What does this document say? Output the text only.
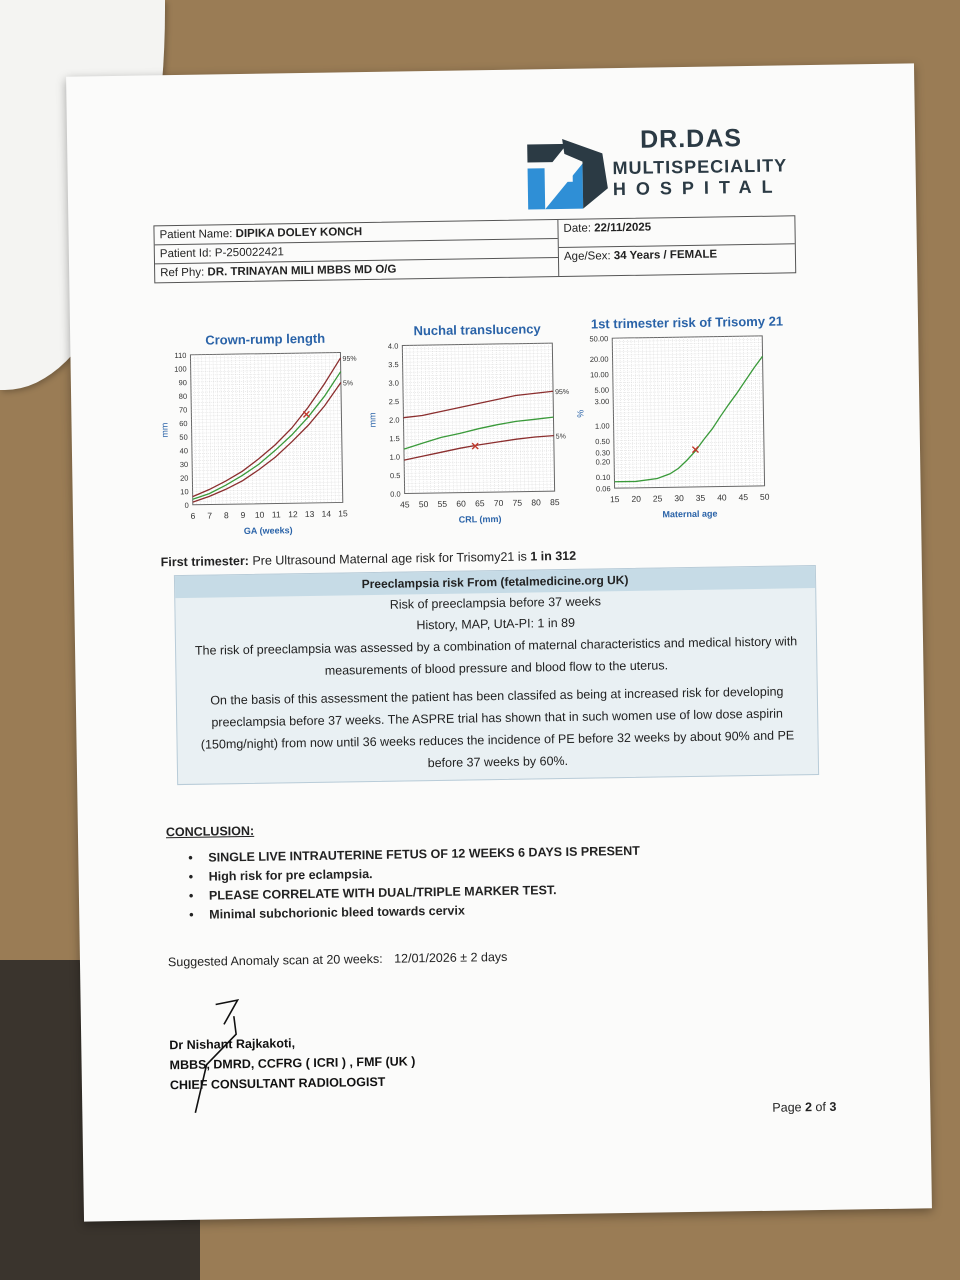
DR.DAS
MULTISPECIALITY
HOSPITAL
Patient Name: DIPIKA DOLEY KONCH
Patient Id: P-250022421
Ref Phy: DR. TRINAYAN MILI MBBS MD O/G
Date: 22/11/2025
Age/Sex: 34 Years / FEMALE
Crown-rump length
6 7 8 9 10 11 12 13 14 15
0
10
20
30
40
50
60
70
80
90
100
110
GA (weeks)
mm
95%
5%
Nuchal translucency
45 50 55 60 65 70 75 80 85
0.0
0.5
1.0
1.5
2.0
2.5
3.0
3.5
4.0
CRL (mm)
mm
95%
5%
1st trimester risk of Trisomy 21
15 20 25 30 35 40 45 50
0.06
0.10
0.20
0.30
0.50
1.00
3.00
5.00
10.00
20.00
50.00
Maternal age
%
First trimester: Pre Ultrasound Maternal age risk for Trisomy21 is 1 in 312
Preeclampsia risk From (fetalmedicine.org UK)
Risk of preeclampsia before 37 weeks
History, MAP, UtA-PI: 1 in 89
The risk of preeclampsia was assessed by a combination of maternal characteristics and medical history with measurements of blood pressure and blood flow to the uterus.
On the basis of this assessment the patient has been classifed as being at increased risk for developing preeclampsia before 37 weeks. The ASPRE trial has shown that in such women use of low dose aspirin (150mg/night) from now until 36 weeks reduces the incidence of PE before 32 weeks by about 90% and PE before 37 weeks by 60%.
CONCLUSION:
•	SINGLE LIVE INTRAUTERINE FETUS OF 12 WEEKS 6 DAYS IS PRESENT
•	High risk for pre eclampsia.
•	PLEASE CORRELATE WITH DUAL/TRIPLE MARKER TEST.
•	Minimal subchorionic bleed towards cervix
Suggested Anomaly scan at 20 weeks: 12/01/2026 ± 2 days
Dr Nishant Rajkakoti,
MBBS, DMRD, CCFRG ( ICRI ) , FMF (UK )
CHIEF CONSULTANT RADIOLOGIST
Page 2 of 3
